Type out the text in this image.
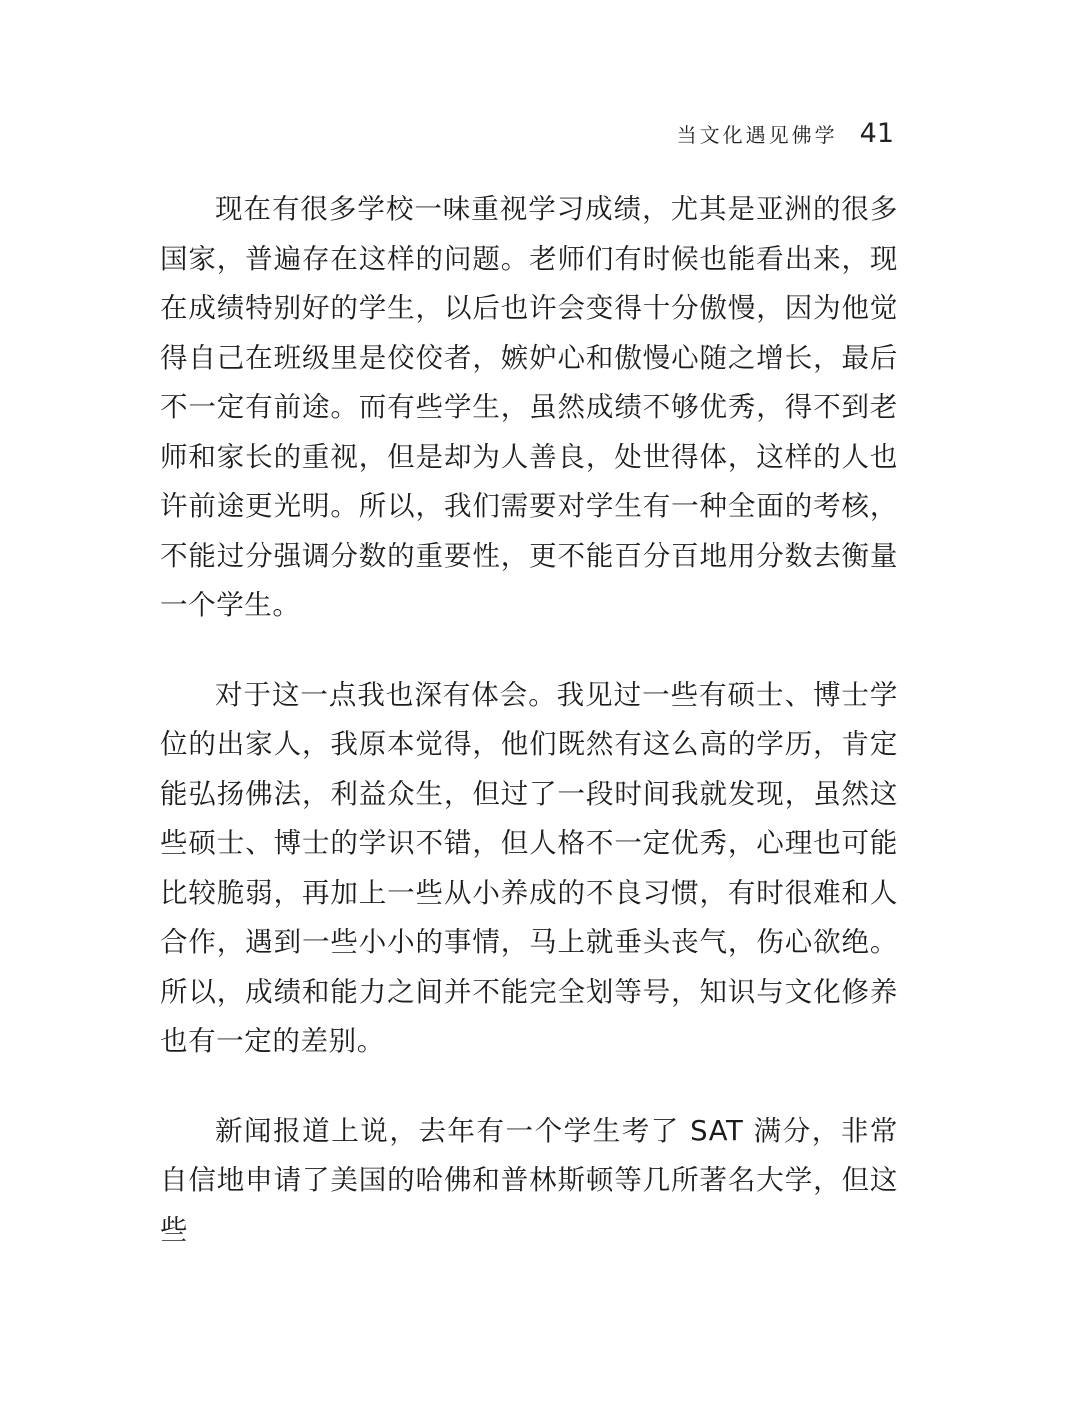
当文化遇见佛学 41

现在有很多学校一味重视学习成绩，尤其是亚洲的很多国家，普遍存在这样的问题。老师们有时候也能看出来，现在成绩特别好的学生，以后也许会变得十分傲慢，因为他觉得自己在班级里是佼佼者，嫉妒心和傲慢心随之增长，最后不一定有前途。而有些学生，虽然成绩不够优秀，得不到老师和家长的重视，但是却为人善良，处世得体，这样的人也许前途更光明。所以，我们需要对学生有一种全面的考核，不能过分强调分数的重要性，更不能百分百地用分数去衡量一个学生。

对于这一点我也深有体会。我见过一些有硕士、博士学位的出家人，我原本觉得，他们既然有这么高的学历，肯定能弘扬佛法，利益众生，但过了一段时间我就发现，虽然这些硕士、博士的学识不错，但人格不一定优秀，心理也可能比较脆弱，再加上一些从小养成的不良习惯，有时很难和人合作，遇到一些小小的事情，马上就垂头丧气，伤心欲绝。所以，成绩和能力之间并不能完全划等号，知识与文化修养也有一定的差别。

新闻报道上说，去年有一个学生考了 SAT 满分，非常自信地申请了美国的哈佛和普林斯顿等几所著名大学，但这些
